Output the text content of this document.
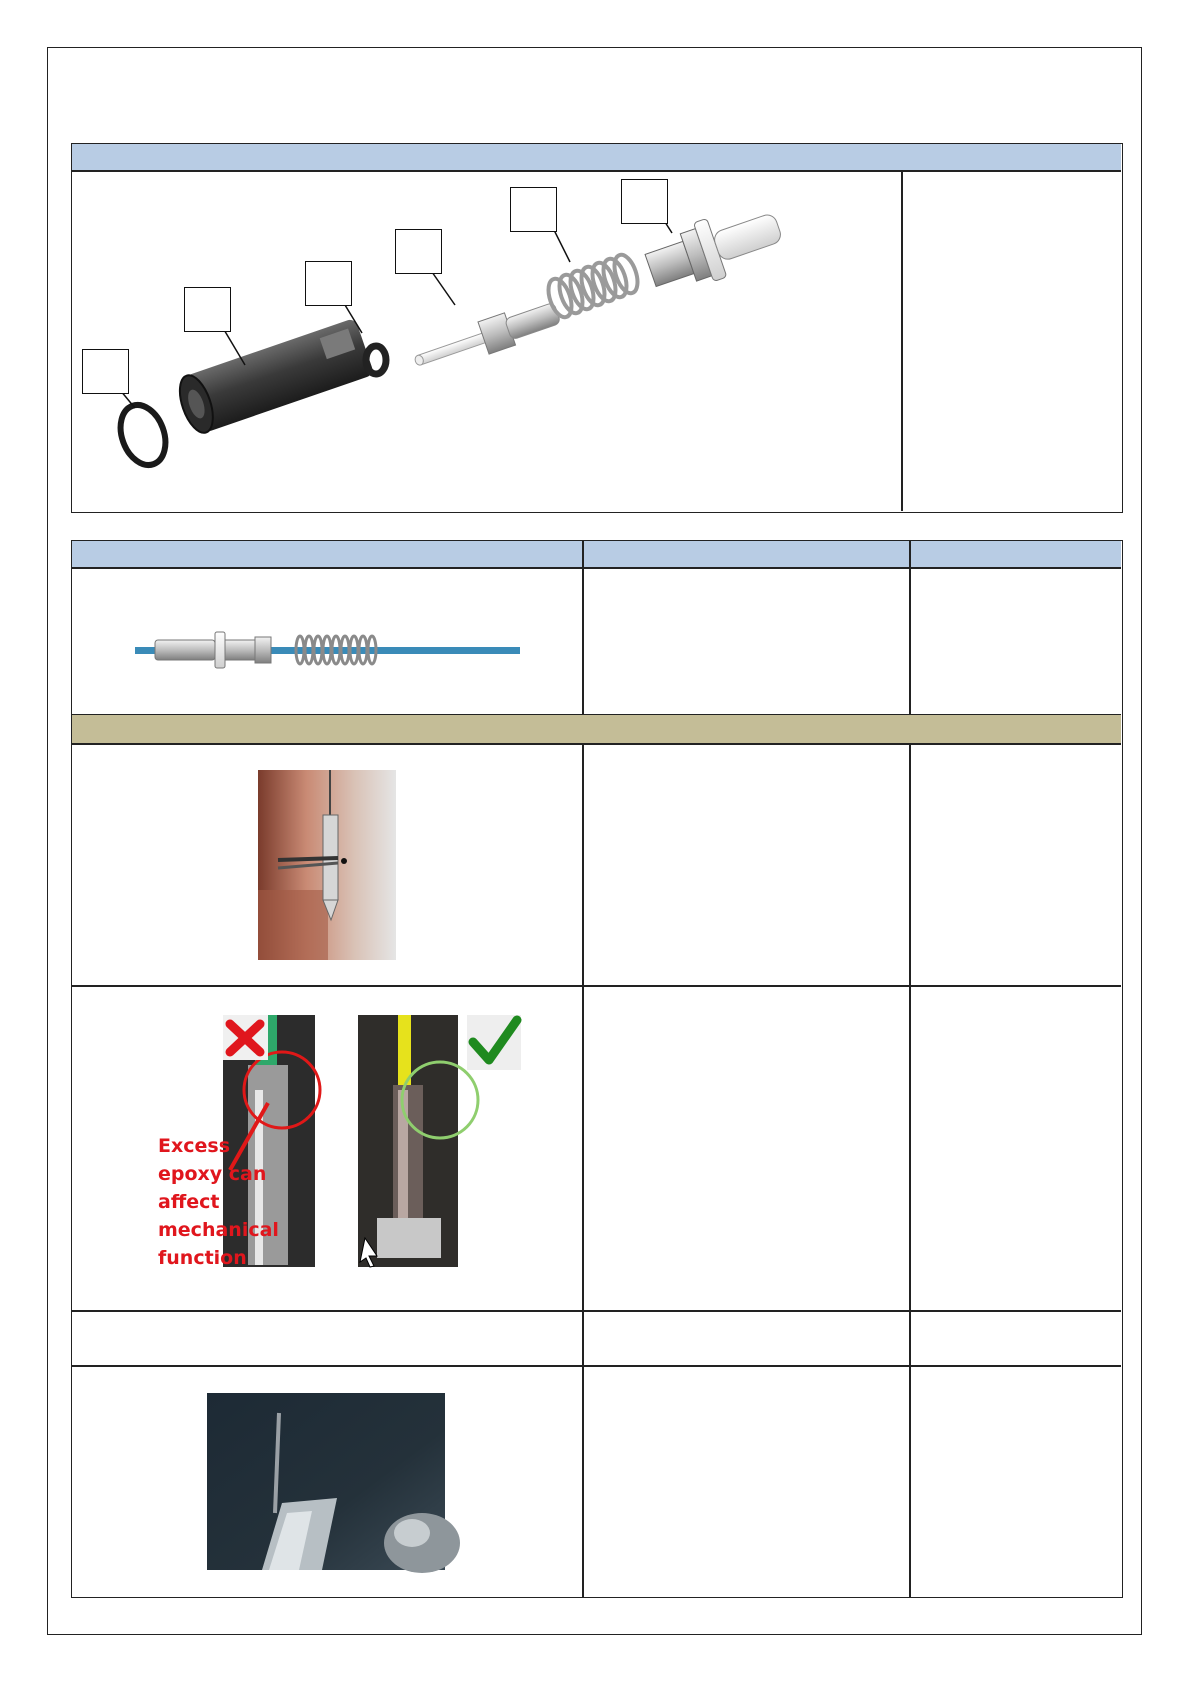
Excess
epoxy can
affect
mechanical
function
